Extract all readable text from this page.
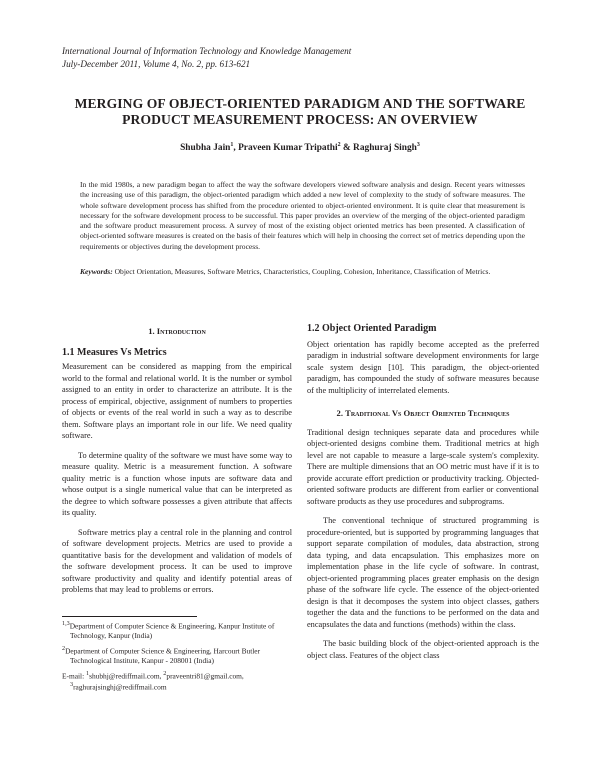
International Journal of Information Technology and Knowledge Management
July-December 2011, Volume 4, No. 2, pp. 613-621
MERGING OF OBJECT-ORIENTED PARADIGM AND THE SOFTWARE
PRODUCT MEASUREMENT PROCESS: AN OVERVIEW
Shubha Jain$^1$, Praveen Kumar Tripathi$^2$ & Raghuraj Singh$^3$

In the mid 1980s, a new paradigm began to affect the way the software developers viewed software analysis and design. Recent years witnesses the increasing use of this paradigm, the object-oriented paradigm which added a new level of complexity to the study of software measures. The whole software development process has shifted from the procedure oriented to object-oriented environment. It is quite clear that measurement is necessary for the software development process to be successful. This paper provides an overview of the merging of the object-oriented paradigm and the software product measurement process. A survey of most of the existing object oriented metrics has been presented. A classification of object-oriented software measures is created on the basis of their features which will help in choosing the correct set of metrics depending upon the requirements or objectives during the development process.

Keywords: Object Orientation, Measures, Software Metrics, Characteristics, Coupling, Cohesion, Inheritance, Classification of Metrics.
1. Introduction
1.1 Measures Vs Metrics

Measurement can be considered as mapping from the empirical world to the formal and relational world. It is the number or symbol assigned to an entity in order to characterize an attribute. It is the process of empirical, objective, assignment of numbers to properties of objects or events of the real world in such a way as to describe them. Software plays an important role in our life. We need quality software.

To determine quality of the software we must have some way to measure quality. Metric is a measurement function. A software quality metric is a function whose inputs are software data and whose output is a single numerical value that can be interpreted as the degree to which software possesses a given attribute that affects its quality.

Software metrics play a central role in the planning and control of software development projects. Metrics are used to provide a quantitative basis for the development and validation of models of the software development process. It can be used to improve software productivity and quality and identify potential areas of problems that may lead to problems or errors.

$^{1,3}$Department of Computer Science & Engineering, Kanpur Institute of Technology, Kanpur (India)

$^2$Department of Computer Science & Engineering, Harcourt Butler Technological Institute, Kanpur - 208001 (India)

E-mail: $^1$shubhj@rediffmail.com, $^2$praveentri81@gmail.com,
$^3$raghurajsinghj@rediffmail.com

1.2 Object Oriented Paradigm

Object orientation has rapidly become accepted as the preferred paradigm in industrial software development environments for large scale system design [10]. This paradigm, the object-oriented paradigm, has compounded the study of software measures because of the multiplicity of interrelated elements.

2. Traditional Vs Object Oriented Techniques

Traditional design techniques separate data and procedures while object-oriented designs combine them. Traditional metrics at high level are not capable to measure a large-scale system's complexity. There are multiple dimensions that an OO metric must have if it is to provide accurate effort prediction or productivity tracking. Objected-oriented software products are different from earlier or conventional software products as they use procedures and subprograms.

The conventional technique of structured programming is procedure-oriented, but is supported by programming languages that support separate compilation of modules, data abstraction, strong data typing, and data encapsulation. This emphasizes more on implementation phase in the life cycle of software. In contrast, object-oriented programming places greater emphasis on the design phase of the software life cycle. The essence of the object-oriented design is that it decomposes the system into object classes, gathers together the data and the functions to be performed on the data and encapsulates the data and functions (methods) within the class.

The basic building block of the object-oriented approach is the object class. Features of the object class
